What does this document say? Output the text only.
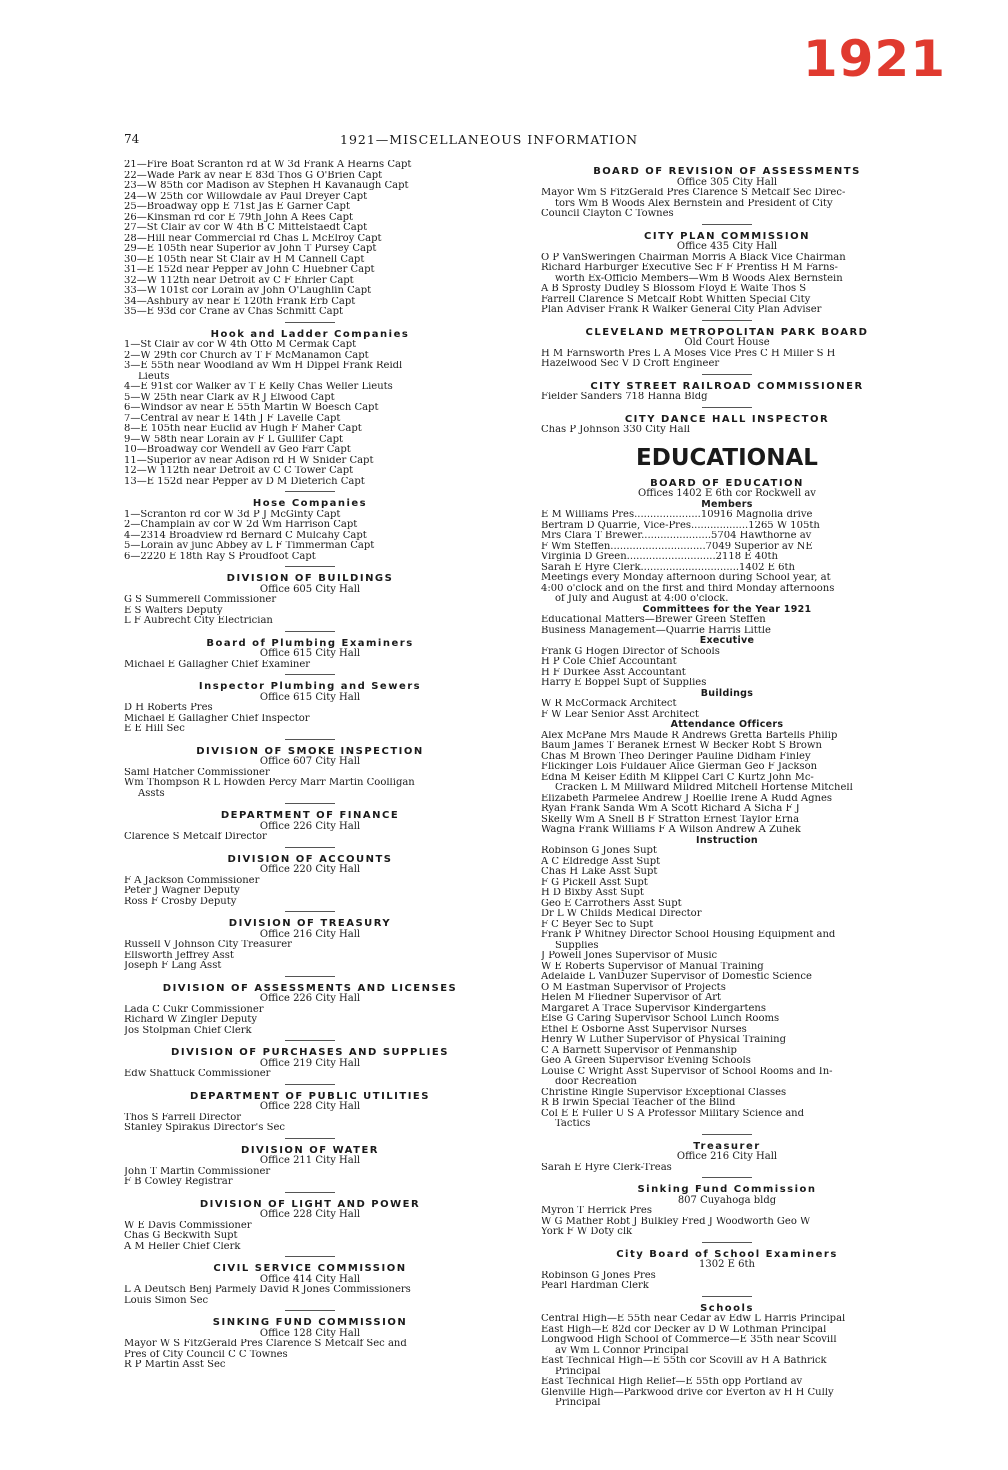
1921
74	1921—MISCELLANEOUS INFORMATION
21—Fire Boat Scranton rd at W 3d Frank A Hearns Capt
22—Wade Park av near E 83d Thos G O'Brien Capt
23—W 85th cor Madison av Stephen H Kavanaugh Capt
24—W 25th cor Willowdale av Paul Dreyer Capt
25—Broadway opp E 71st Jas E Garner Capt
26—Kinsman rd cor E 79th John A Rees Capt
27—St Clair av cor W 4th B C Mittelstaedt Capt
28—Hill near Commercial rd Chas L McElroy Capt
29—E 105th near Superior av John T Pursey Capt
30—E 105th near St Clair av H M Cannell Capt
31—E 152d near Pepper av John C Huebner Capt
32—W 112th near Detroit av C F Ehrler Capt
33—W 101st cor Lorain av John O'Laughlin Capt
34—Ashbury av near E 120th Frank Erb Capt
35—E 93d cor Crane av Chas Schmitt Capt
Hook and Ladder Companies
1—St Clair av cor W 4th Otto M Cermak Capt
2—W 29th cor Church av T F McManamon Capt
3—E 55th near Woodland av Wm H Dippel Frank Reidl
Lieuts
4—E 91st cor Walker av T E Kelly Chas Weller Lieuts
5—W 25th near Clark av R J Elwood Capt
6—Windsor av near E 55th Martin W Boesch Capt
7—Central av near E 14th J F Lavelle Capt
8—E 105th near Euclid av Hugh F Maher Capt
9—W 58th near Lorain av F L Gullifer Capt
10—Broadway cor Wendell av Geo Farr Capt
11—Superior av near Adison rd H W Snider Capt
12—W 112th near Detroit av C C Tower Capt
13—E 152d near Pepper av D M Dieterich Capt
Hose Companies
1—Scranton rd cor W 3d P J McGinty Capt
2—Champlain av cor W 2d Wm Harrison Capt
4—2314 Broadview rd Bernard C Mulcahy Capt
5—Lorain av junc Abbey av L F Timmerman Capt
6—2220 E 18th Ray S Proudfoot Capt
DIVISION OF BUILDINGS
Office 605 City Hall
G S Summerell Commissioner
E S Walters Deputy
L F Aubrecht City Electrician
Board of Plumbing Examiners
Office 615 City Hall
Michael E Gallagher Chief Examiner
Inspector Plumbing and Sewers
Office 615 City Hall
D H Roberts Pres
Michael E Gallagher Chief Inspector
E E Hill Sec
DIVISION OF SMOKE INSPECTION
Office 607 City Hall
Saml Hatcher Commissioner
Wm Thompson R L Howden Percy Marr Martin Coolligan
Assts
DEPARTMENT OF FINANCE
Office 226 City Hall
Clarence S Metcalf Director
DIVISION OF ACCOUNTS
Office 220 City Hall
F A Jackson Commissioner
Peter J Wagner Deputy
Ross F Crosby Deputy
DIVISION OF TREASURY
Office 216 City Hall
Russell V Johnson City Treasurer
Ellsworth Jeffrey Asst
Joseph F Lang Asst
DIVISION OF ASSESSMENTS AND LICENSES
Office 226 City Hall
Lada C Cukr Commissioner
Richard W Zingler Deputy
Jos Stolpman Chief Clerk
DIVISION OF PURCHASES AND SUPPLIES
Office 219 City Hall
Edw Shattuck Commissioner
DEPARTMENT OF PUBLIC UTILITIES
Office 228 City Hall
Thos S Farrell Director
Stanley Spirakus Director's Sec
DIVISION OF WATER
Office 211 City Hall
John T Martin Commissioner
F B Cowley Registrar
DIVISION OF LIGHT AND POWER
Office 228 City Hall
W E Davis Commissioner
Chas G Beckwith Supt
A M Heller Chief Clerk
CIVIL SERVICE COMMISSION
Office 414 City Hall
L A Deutsch Benj Parmely David R Jones Commissioners
Louis Simon Sec
SINKING FUND COMMISSION
Office 128 City Hall
Mayor W S FitzGerald Pres Clarence S Metcalf Sec and
Pres of City Council C C Townes
R P Martin Asst Sec
BOARD OF REVISION OF ASSESSMENTS
Office 305 City Hall
Mayor Wm S FitzGerald Pres Clarence S Metcalf Sec Direc-
tors Wm B Woods Alex Bernstein and President of City
Council Clayton C Townes
CITY PLAN COMMISSION
Office 435 City Hall
O P VanSweringen Chairman Morris A Black Vice Chairman
Richard Harburger Executive Sec F F Prentiss H M Farns-
worth Ex-Officio Members—Wm B Woods Alex Bernstein
A B Sprosty Dudley S Blossom Floyd E Waite Thos S
Farrell Clarence S Metcalf Robt Whitten Special City
Plan Adviser Frank R Walker General City Plan Adviser
CLEVELAND METROPOLITAN PARK BOARD
Old Court House
H M Farnsworth Pres L A Moses Vice Pres C H Miller S H
Hazelwood Sec V D Croft Engineer
CITY STREET RAILROAD COMMISSIONER
Fielder Sanders 718 Hanna Bldg
CITY DANCE HALL INSPECTOR
Chas P Johnson 330 City Hall
EDUCATIONAL
BOARD OF EDUCATION
Offices 1402 E 6th cor Rockwell av
Members
E M Williams Pres.....................10916 Magnolia drive
Bertram D Quarrie, Vice-Pres..................1265 W 105th
Mrs Clara T Brewer......................5704 Hawthorne av
F Wm Steffen..............................7049 Superior av NE
Virginia D Green............................2118 E 40th
Sarah E Hyre Clerk...............................1402 E 6th
Meetings every Monday afternoon during School year, at
4:00 o'clock and on the first and third Monday afternoons
of July and August at 4:00 o'clock.
Committees for the Year 1921
Educational Matters—Brewer Green Steffen
Business Management—Quarrie Harris Little
Executive
Frank G Hogen Director of Schools
H P Cole Chief Accountant
H F Durkee Asst Accountant
Harry E Boppel Supt of Supplies
Buildings
W R McCormack Architect
F W Lear Senior Asst Architect
Attendance Officers
Alex McPane Mrs Maude R Andrews Gretta Bartells Philip
Baum James T Beranek Ernest W Becker Robt S Brown
Chas M Brown Theo Deringer Pauline Didham Finley
Flickinger Lois Fuldauer Alice Gierman Geo F Jackson
Edna M Keiser Edith M Klippel Carl C Kurtz John Mc-
Cracken L M Millward Mildred Mitchell Hortense Mitchell
Elizabeth Parmelee Andrew J Roellie Irene A Rudd Agnes
Ryan Frank Sanda Wm A Scott Richard A Sicha F J
Skelly Wm A Snell B F Stratton Ernest Taylor Erna
Wagna Frank Williams F A Wilson Andrew A Zuhek
Instruction
Robinson G Jones Supt
A C Eldredge Asst Supt
Chas H Lake Asst Supt
F G Pickell Asst Supt
H D Bixby Asst Supt
Geo E Carrothers Asst Supt
Dr L W Childs Medical Director
F C Beyer Sec to Supt
Frank P Whitney Director School Housing Equipment and
Supplies
J Powell Jones Supervisor of Music
W E Roberts Supervisor of Manual Training
Adelaide L VanDuzer Supervisor of Domestic Science
O M Eastman Supervisor of Projects
Helen M Fliedner Supervisor of Art
Margaret A Trace Supervisor Kindergartens
Else G Caring Supervisor School Lunch Rooms
Ethel E Osborne Asst Supervisor Nurses
Henry W Luther Supervisor of Physical Training
C A Barnett Supervisor of Penmanship
Geo A Green Supervisor Evening Schools
Louise C Wright Asst Supervisor of School Rooms and In-
door Recreation
Christine Ringle Supervisor Exceptional Classes
R B Irwin Special Teacher of the Blind
Col E E Fuller U S A Professor Military Science and
Tactics
Treasurer
Office 216 City Hall
Sarah E Hyre Clerk-Treas
Sinking Fund Commission
807 Cuyahoga bldg
Myron T Herrick Pres
W G Mather Robt J Bulkley Fred J Woodworth Geo W
York F W Doty clk
City Board of School Examiners
1302 E 6th
Robinson G Jones Pres
Pearl Hardman Clerk
Schools
Central High—E 55th near Cedar av Edw L Harris Principal
East High—E 82d cor Decker av D W Lothman Principal
Longwood High School of Commerce—E 35th near Scovill
av Wm L Connor Principal
East Technical High—E 55th cor Scovill av H A Bathrick
Principal
East Technical High Relief—E 55th opp Portland av
Glenville High—Parkwood drive cor Everton av H H Cully
Principal
